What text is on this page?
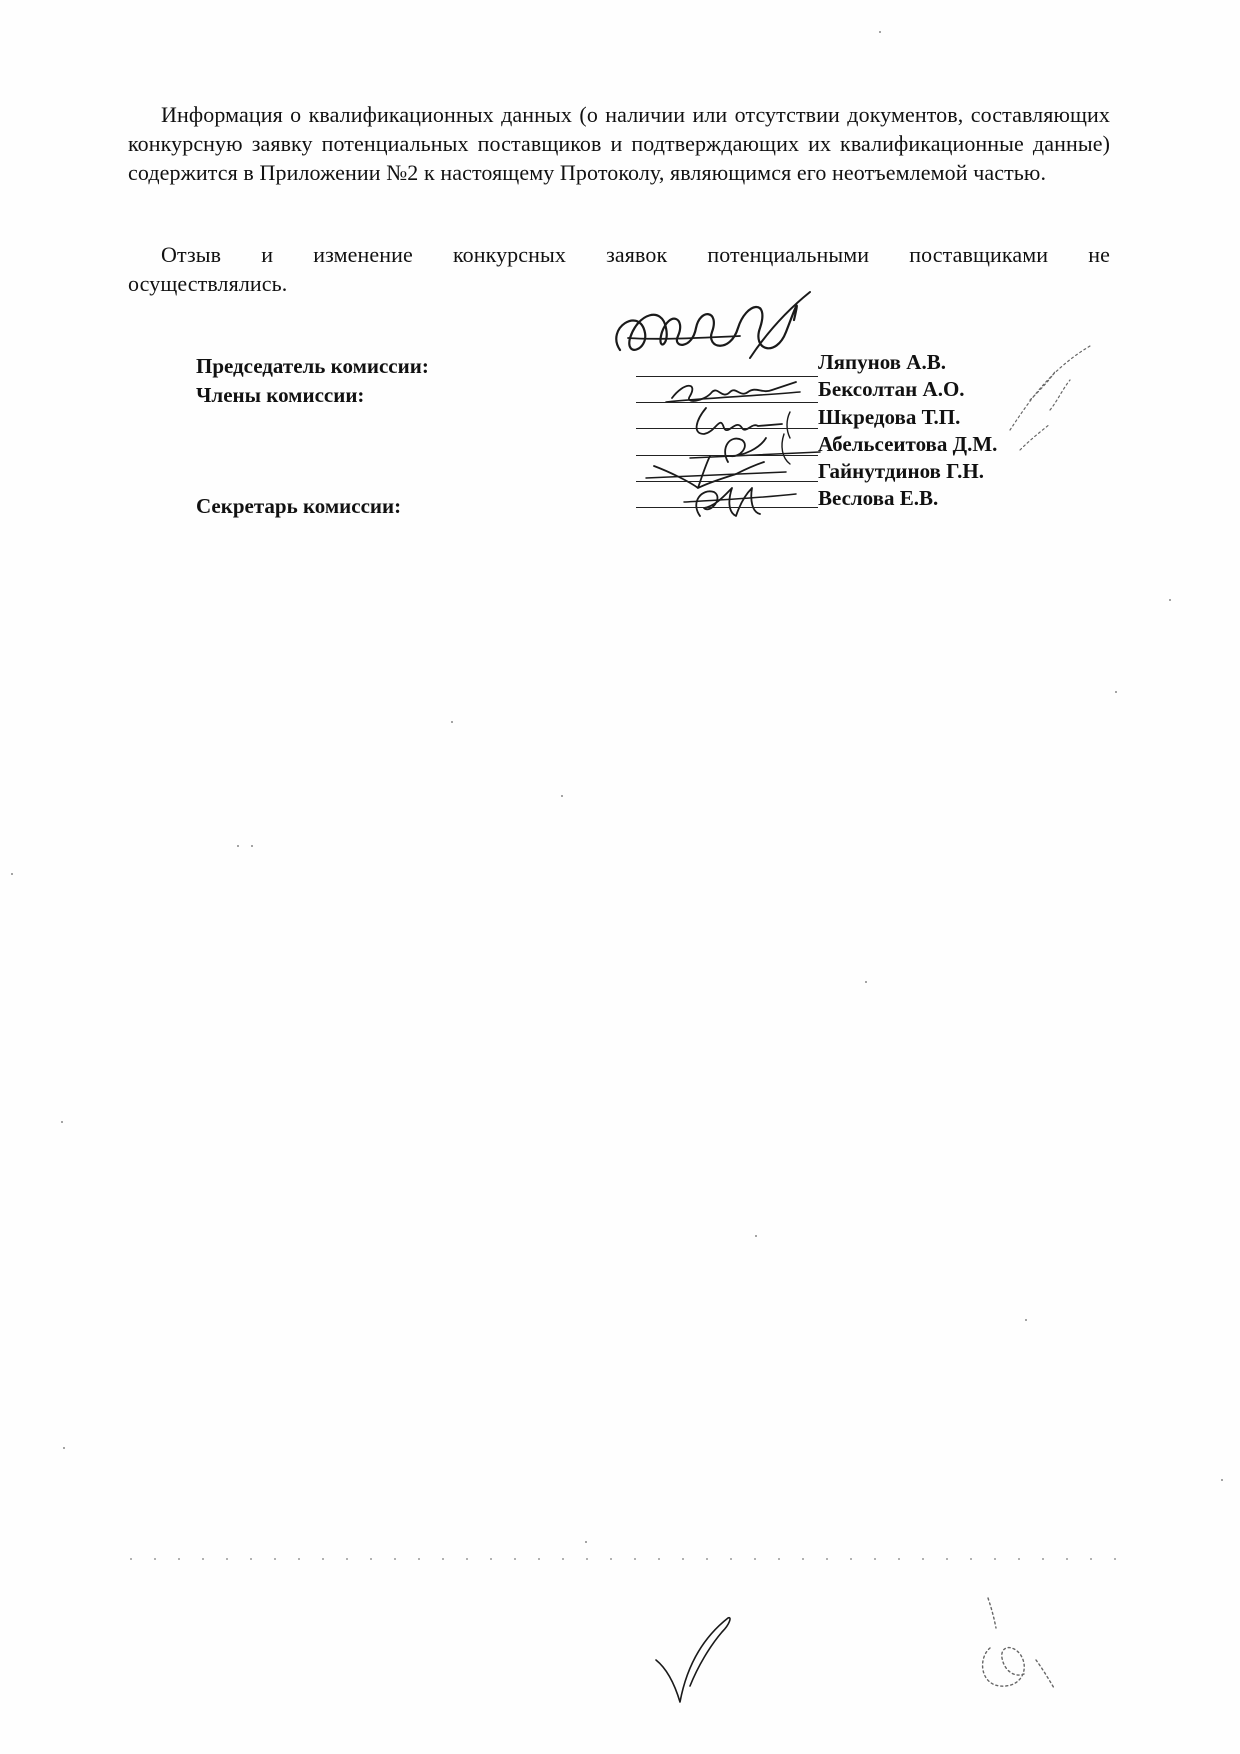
Информация о квалификационных данных (о наличии или отсутствии документов, составляющих конкурсную заявку потенциальных поставщиков и подтверждающих их квалификационные данные) содержится в Приложении №2 к настоящему Протоколу, являющимся его неотъемлемой частью.

Отзыв и изменение конкурсных заявок потенциальными поставщиками не осуществлялись.

Председатель комиссии:	Ляпунов А.В.
Члены комиссии:	Бексолтан А.О.
Шкредова Т.П.
Абельсеитова Д.М.
Гайнутдинов Г.Н.
Секретарь комиссии:	Веслова Е.В.
